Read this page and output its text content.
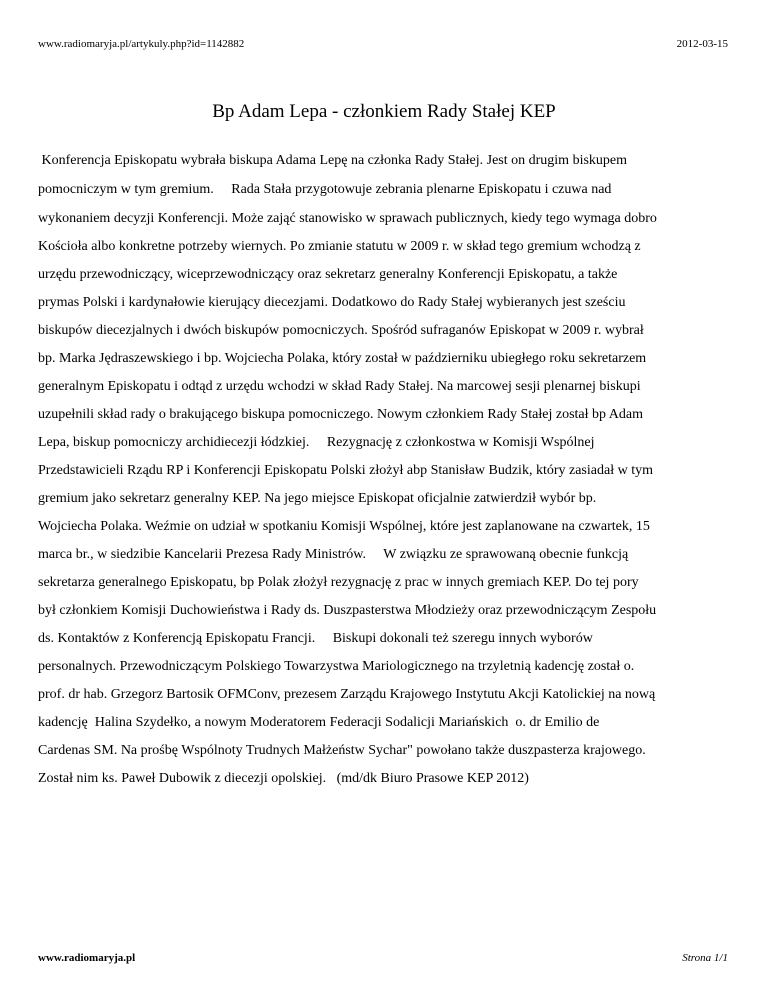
www.radiomaryja.pl/artykuly.php?id=1142882	2012-03-15
Bp Adam Lepa - członkiem Rady Stałej KEP

Konferencja Episkopatu wybrała biskupa Adama Lepę na członka Rady Stałej. Jest on drugim biskupem

pomocniczym w tym gremium.     Rada Stała przygotowuje zebrania plenarne Episkopatu i czuwa nad

wykonaniem decyzji Konferencji. Może zająć stanowisko w sprawach publicznych, kiedy tego wymaga dobro

Kościoła albo konkretne potrzeby wiernych. Po zmianie statutu w 2009 r. w skład tego gremium wchodzą z

urzędu przewodniczący, wiceprzewodniczący oraz sekretarz generalny Konferencji Episkopatu, a także

prymas Polski i kardynałowie kierujący diecezjami. Dodatkowo do Rady Stałej wybieranych jest sześciu

biskupów diecezjalnych i dwóch biskupów pomocniczych. Spośród sufraganów Episkopat w 2009 r. wybrał

bp. Marka Jędraszewskiego i bp. Wojciecha Polaka, który został w październiku ubiegłego roku sekretarzem

generalnym Episkopatu i odtąd z urzędu wchodzi w skład Rady Stałej. Na marcowej sesji plenarnej biskupi

uzupełnili skład rady o brakującego biskupa pomocniczego. Nowym członkiem Rady Stałej został bp Adam

Lepa, biskup pomocniczy archidiecezji łódzkiej.     Rezygnację z członkostwa w Komisji Wspólnej

Przedstawicieli Rządu RP i Konferencji Episkopatu Polski złożył abp Stanisław Budzik, który zasiadał w tym

gremium jako sekretarz generalny KEP. Na jego miejsce Episkopat oficjalnie zatwierdził wybór bp.

Wojciecha Polaka. Weźmie on udział w spotkaniu Komisji Wspólnej, które jest zaplanowane na czwartek, 15

marca br., w siedzibie Kancelarii Prezesa Rady Ministrów.     W związku ze sprawowaną obecnie funkcją

sekretarza generalnego Episkopatu, bp Polak złożył rezygnację z prac w innych gremiach KEP. Do tej pory

był członkiem Komisji Duchowieństwa i Rady ds. Duszpasterstwa Młodzieży oraz przewodniczącym Zespołu

ds. Kontaktów z Konferencją Episkopatu Francji.     Biskupi dokonali też szeregu innych wyborów

personalnych. Przewodniczącym Polskiego Towarzystwa Mariologicznego na trzyletnią kadencję został o.

prof. dr hab. Grzegorz Bartosik OFMConv, prezesem Zarządu Krajowego Instytutu Akcji Katolickiej na nową

kadencję  Halina Szydełko, a nowym Moderatorem Federacji Sodalicji Mariańskich  o. dr Emilio de

Cardenas SM. Na prośbę Wspólnoty Trudnych Małżeństw Sychar" powołano także duszpasterza krajowego.

Został nim ks. Paweł Dubowik z diecezji opolskiej.   (md/dk Biuro Prasowe KEP 2012)

www.radiomaryja.pl	Strona 1/1
